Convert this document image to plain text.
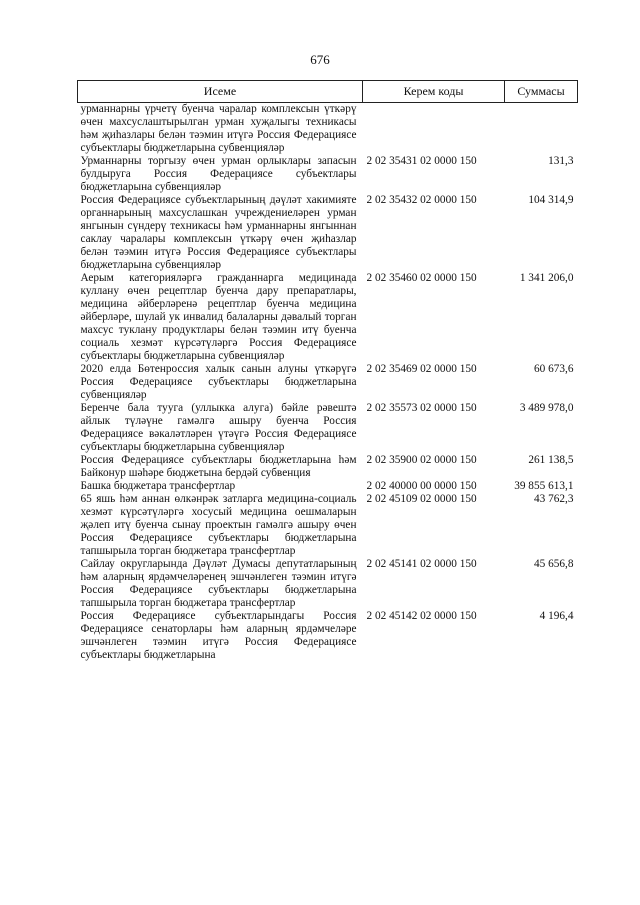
676
Исеме	Керем коды	Суммасы
урманнарны үрчетү буенча чаралар комплексын үткәрү өчен махсуслаштырылган урман хуҗалыгы техникасы һәм җиһазлары белән тәэмин итүгә Россия Федерациясе субъектлары бюджетларына субвенцияләр		
Урманнарны торгызу өчен урман орлыклары запасын булдыруга Россия Федерациясе субъектлары бюджетларына субвенцияләр	2 02 35431 02 0000 150	131,3
Россия Федерациясе субъектларының дәүләт хакимияте органнарының махсуслашкан учреждениеләрен урман янгынын сүндерү техникасы һәм урманнарны янгыннан саклау чаралары комплексын үткәрү өчен җиһазлар белән тәэмин итүгә Россия Федерациясе субъектлары бюджетларына субвенцияләр	2 02 35432 02 0000 150	104 314,9
Аерым категорияләргә гражданнарга медицинада кулланy өчен рецептлар буенча дару препаратлары, медицина әйберләренә рецептлар буенча медицина әйберләре, шулай ук инвалид балаларны дәвалый торган махсус туклану продуктлары белән тәэмин итү буенча социаль хезмәт күрсәтүләргә Россия Федерациясе субъектлары бюджетларына субвенцияләр	2 02 35460 02 0000 150	1 341 206,0
2020 елда Бөтенроссия халык санын алуны үткәрүгә Россия Федерациясе субъектлары бюджетларына субвенцияләр	2 02 35469 02 0000 150	60 673,6
Беренче бала туугa (уллыкка алуга) бәйле рәвештә айлык түләүне гамәлгә ашыру буенча Россия Федерациясе вәкаләтләрен үтәүгә Россия Федерациясе субъектлары бюджетларына субвенцияләр	2 02 35573 02 0000 150	3 489 978,0
Россия Федерациясе субъектлары бюджетларына һәм Байконур шәһәре бюджетына бердәй субвенция	2 02 35900 02 0000 150	261 138,5
Башка бюджетара трансфертлар	2 02 40000 00 0000 150	39 855 613,1
65 яшь һәм аннан өлкәнрәк затларга медицина-социаль хезмәт күрсәтүләргә хосусый медицина оешмаларын җәлеп итү буенча сынау проектын гамәлгә ашыру өчен Россия Федерациясе субъектлары бюджетларына тапшырыла торган бюджетара трансфертлар	2 02 45109 02 0000 150	43 762,3
Сайлау округларында Дәүләт Думасы депутатларының һәм аларның ярдәмчеләренең эшчәнлеген тәэмин итүгә Россия Федерациясе субъектлары бюджетларына тапшырыла торган бюджетара трансфертлар	2 02 45141 02 0000 150	45 656,8
Россия Федерациясе субъектларындагы Россия Федерациясе сенаторлары һәм аларның ярдәмчеләре эшчәнлеген тәэмин итүгә Россия Федерациясе субъектлары бюджетларына	2 02 45142 02 0000 150	4 196,4
